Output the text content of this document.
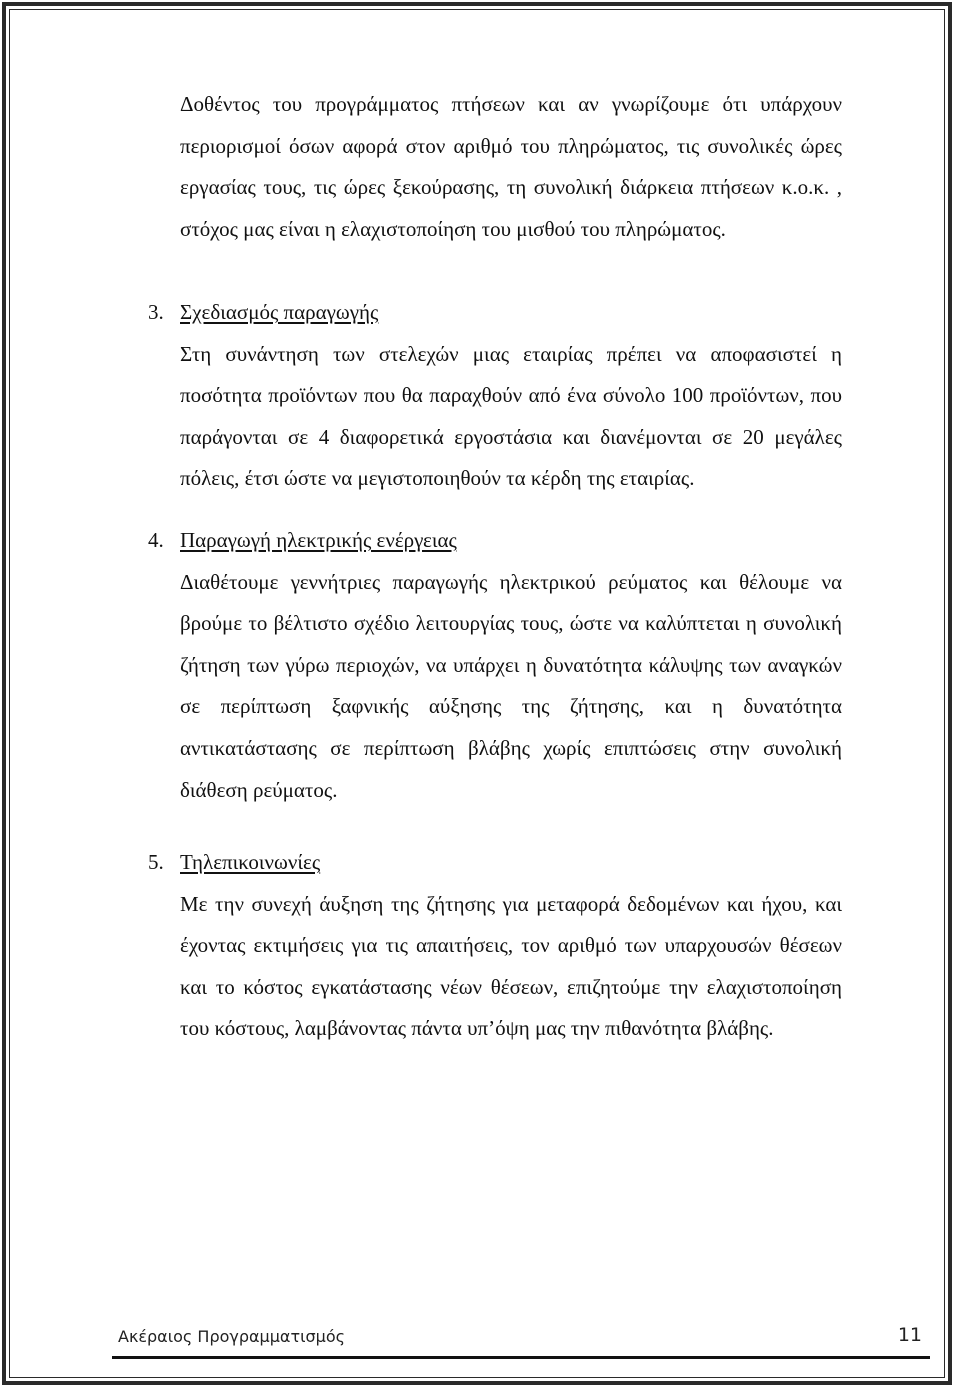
Δοθέντος του προγράμματος πτήσεων και αν γνωρίζουμε ότι υπάρχουν περιορισμοί όσων αφορά στον αριθμό του πληρώματος, τις συνολικές ώρες εργασίας τους, τις ώρες ξεκούρασης, τη συνολική διάρκεια πτήσεων κ.ο.κ. , στόχος μας είναι η ελαχιστοποίηση του μισθού του πληρώματος.

3. Σχεδιασμός παραγωγής

Στη συνάντηση των στελεχών μιας εταιρίας πρέπει να αποφασιστεί η ποσότητα προϊόντων που θα παραχθούν από ένα σύνολο 100 προϊόντων, που παράγονται σε 4 διαφορετικά εργοστάσια και διανέμονται σε 20 μεγάλες πόλεις, έτσι ώστε να μεγιστοποιηθούν τα κέρδη της εταιρίας.

4. Παραγωγή ηλεκτρικής ενέργειας

Διαθέτουμε γεννήτριες παραγωγής ηλεκτρικού ρεύματος και θέλουμε να βρούμε το βέλτιστο σχέδιο λειτουργίας τους, ώστε να καλύπτεται η συνολική ζήτηση των γύρω περιοχών, να υπάρχει η δυνατότητα κάλυψης των αναγκών σε περίπτωση ξαφνικής αύξησης της ζήτησης, και η δυνατότητα αντικατάστασης σε περίπτωση βλάβης χωρίς επιπτώσεις στην συνολική διάθεση ρεύματος.

5. Τηλεπικοινωνίες

Με την συνεχή άυξηση της ζήτησης για μεταφορά δεδομένων και ήχου, και έχοντας εκτιμήσεις για τις απαιτήσεις, τον αριθμό των υπαρχουσών θέσεων και το κόστος εγκατάστασης νέων θέσεων, επιζητούμε την ελαχιστοποίηση του κόστους, λαμβάνοντας πάντα υπ’όψη μας την πιθανότητα βλάβης.

Ακέραιος Προγραμματισμός	11
